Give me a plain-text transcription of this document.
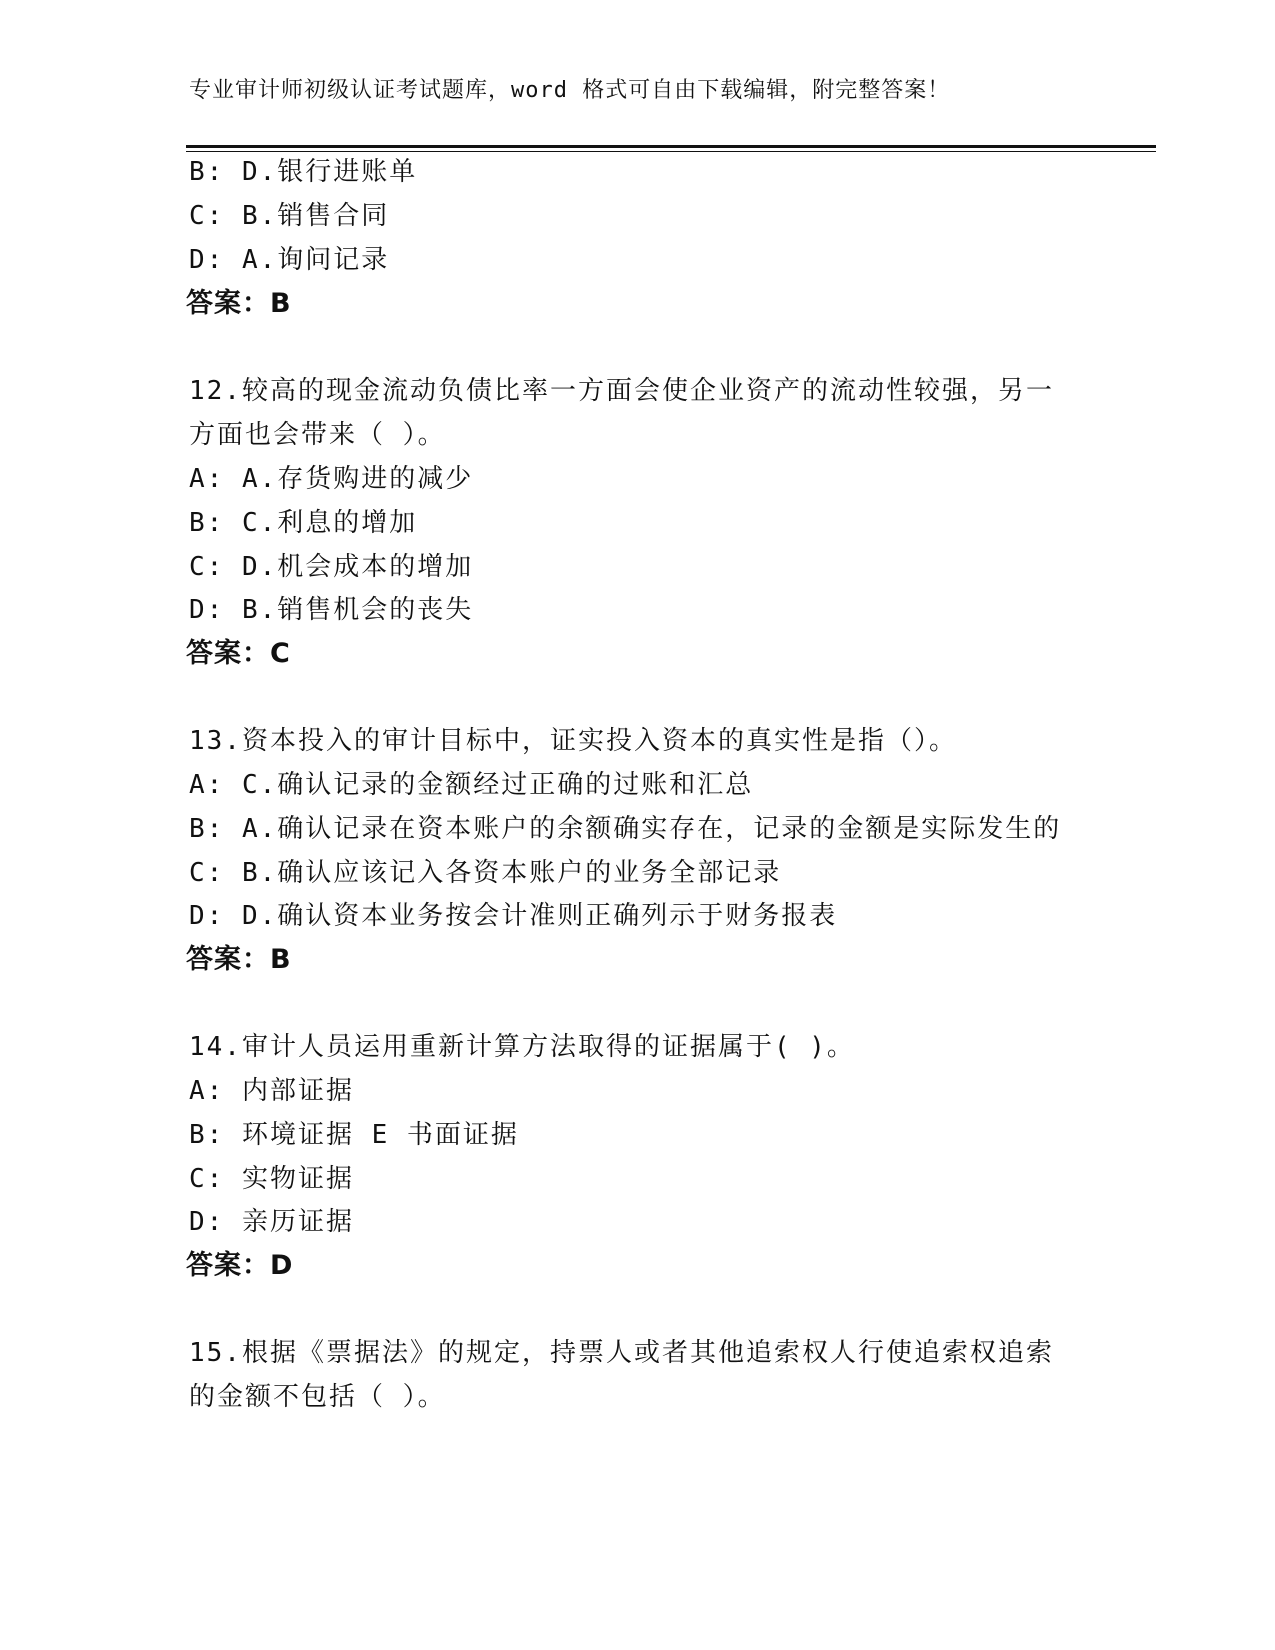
专业审计师初级认证考试题库，word 格式可自由下载编辑，附完整答案！
B: D.银行进账单
C: B.销售合同
D: A.询问记录
答案：B
12.较高的现金流动负债比率一方面会使企业资产的流动性较强，另一
方面也会带来（ ）。
A: A.存货购进的减少
B: C.利息的增加
C: D.机会成本的增加
D: B.销售机会的丧失
答案：C
13.资本投入的审计目标中，证实投入资本的真实性是指（）。
A: C.确认记录的金额经过正确的过账和汇总
B: A.确认记录在资本账户的余额确实存在，记录的金额是实际发生的
C: B.确认应该记入各资本账户的业务全部记录
D: D.确认资本业务按会计准则正确列示于财务报表
答案：B
14.审计人员运用重新计算方法取得的证据属于( )。
A: 内部证据
B: 环境证据 E 书面证据
C: 实物证据
D: 亲历证据
答案：D
15.根据《票据法》的规定，持票人或者其他追索权人行使追索权追索
的金额不包括（ ）。
